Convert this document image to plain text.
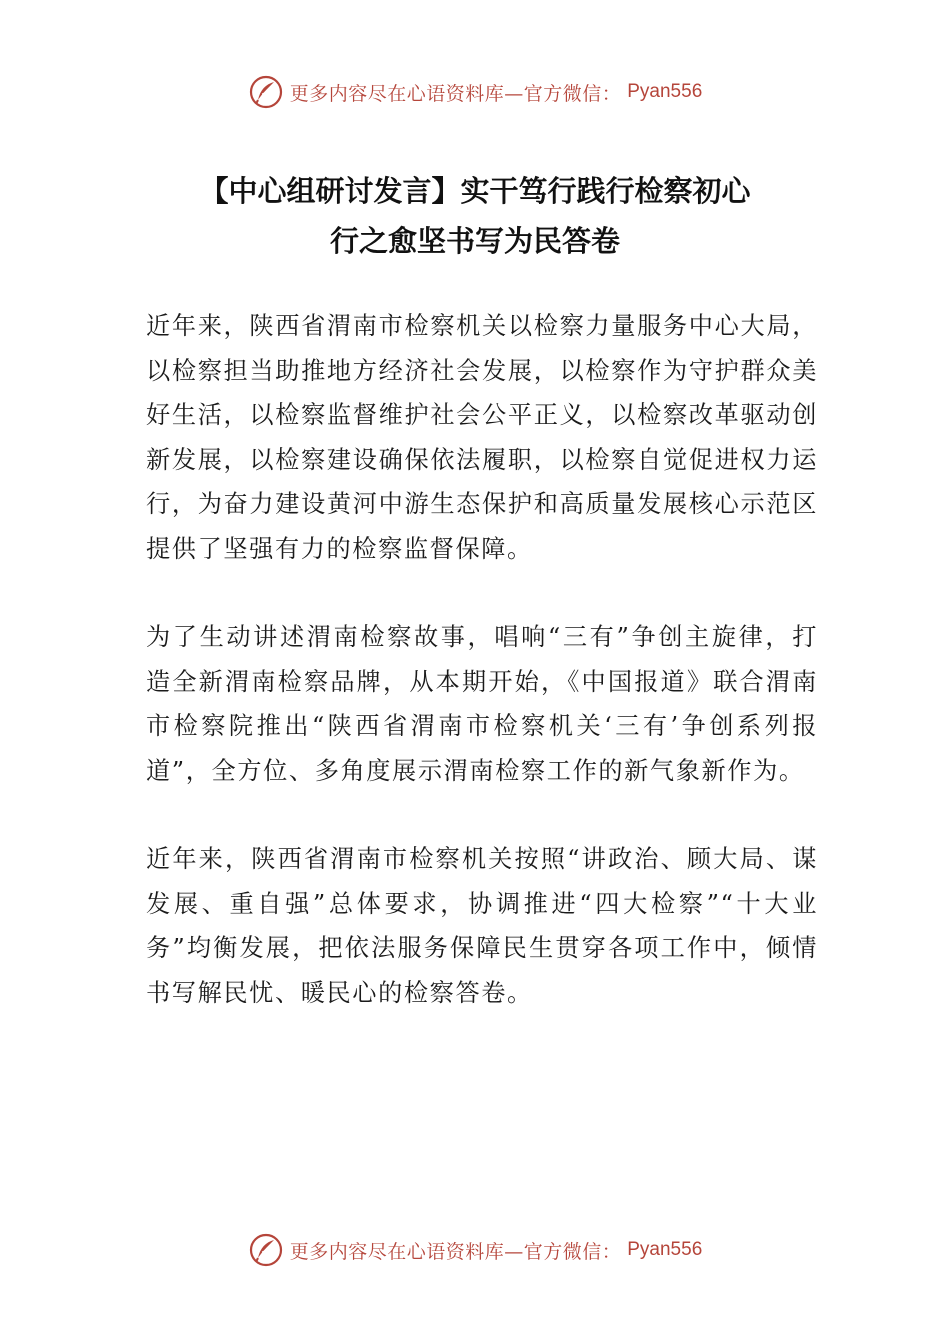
更多内容尽在心语资料库—官方微信： Pyan556
【中心组研讨发言】实干笃行践行检察初心
行之愈坚书写为民答卷

近年来，陕西省渭南市检察机关以检察力量服务中心大局，以检察担当助推地方经济社会发展，以检察作为守护群众美好生活，以检察监督维护社会公平正义，以检察改革驱动创新发展，以检察建设确保依法履职，以检察自觉促进权力运行，为奋力建设黄河中游生态保护和高质量发展核心示范区提供了坚强有力的检察监督保障。

为了生动讲述渭南检察故事，唱响“三有”争创主旋律，打造全新渭南检察品牌，从本期开始，《中国报道》联合渭南市检察院推出“陕西省渭南市检察机关‘三有’争创系列报道”，全方位、多角度展示渭南检察工作的新气象新作为。

近年来，陕西省渭南市检察机关按照“讲政治、顾大局、谋发展、重自强”总体要求，协调推进“四大检察”“十大业务”均衡发展，把依法服务保障民生贯穿各项工作中，倾情书写解民忧、暖民心的检察答卷。

更多内容尽在心语资料库—官方微信： Pyan556
